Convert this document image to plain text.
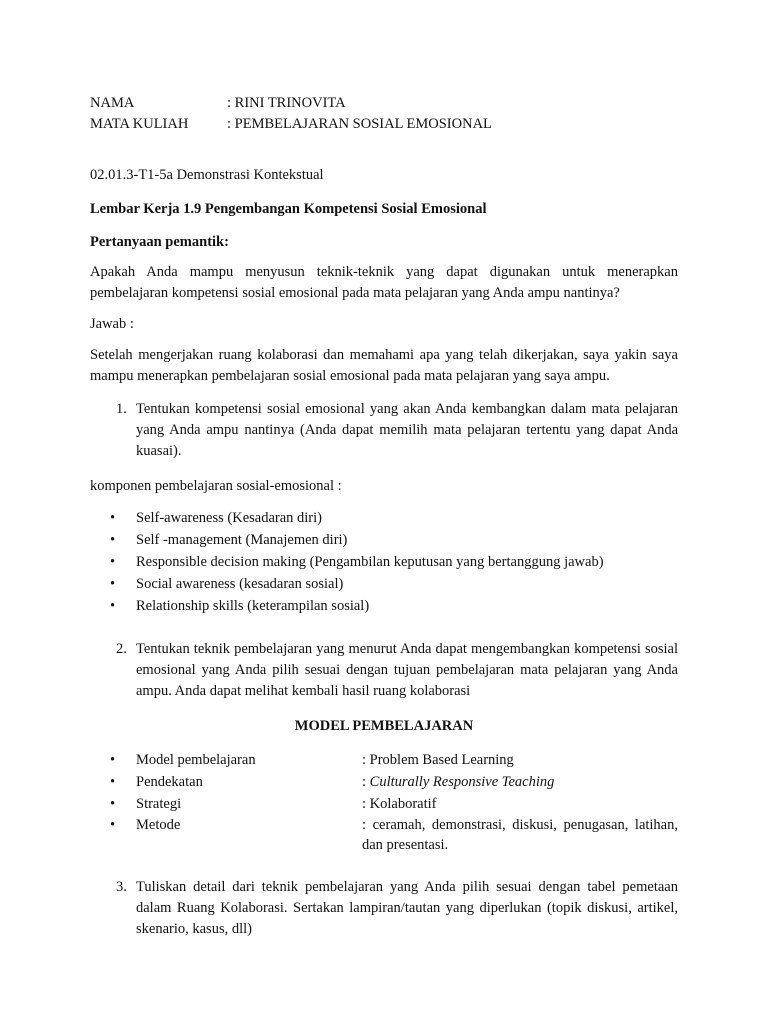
NAMA	: RINI TRINOVITA
MATA KULIAH	: PEMBELAJARAN SOSIAL EMOSIONAL

02.01.3-T1-5a Demonstrasi Kontekstual

Lembar Kerja 1.9 Pengembangan Kompetensi Sosial Emosional

Pertanyaan pemantik:

Apakah Anda mampu menyusun teknik-teknik yang dapat digunakan untuk menerapkan pembelajaran kompetensi sosial emosional pada mata pelajaran yang Anda ampu nantinya?

Jawab :

Setelah mengerjakan ruang kolaborasi dan memahami apa yang telah dikerjakan, saya yakin saya mampu menerapkan pembelajaran sosial emosional pada mata pelajaran yang saya ampu.

1. Tentukan kompetensi sosial emosional yang akan Anda kembangkan dalam mata pelajaran yang Anda ampu nantinya (Anda dapat memilih mata pelajaran tertentu yang dapat Anda kuasai).

komponen pembelajaran sosial-emosional :

•	Self-awareness (Kesadaran diri)
•	Self -management (Manajemen diri)
•	Responsible decision making (Pengambilan keputusan yang bertanggung jawab)
•	Social awareness (kesadaran sosial)
•	Relationship skills (keterampilan sosial)
2. Tentukan teknik pembelajaran yang menurut Anda dapat mengembangkan kompetensi sosial emosional yang Anda pilih sesuai dengan tujuan pembelajaran mata pelajaran yang Anda ampu. Anda dapat melihat kembali hasil ruang kolaborasi

MODEL PEMBELAJARAN

•	Model pembelajaran	: Problem Based Learning
•	Pendekatan	: Culturally Responsive Teaching
•	Strategi	: Kolaboratif
•	Metode	: ceramah, demonstrasi, diskusi, penugasan, latihan, dan presentasi.
3. Tuliskan detail dari teknik pembelajaran yang Anda pilih sesuai dengan tabel pemetaan dalam Ruang Kolaborasi. Sertakan lampiran/tautan yang diperlukan (topik diskusi, artikel, skenario, kasus, dll)
